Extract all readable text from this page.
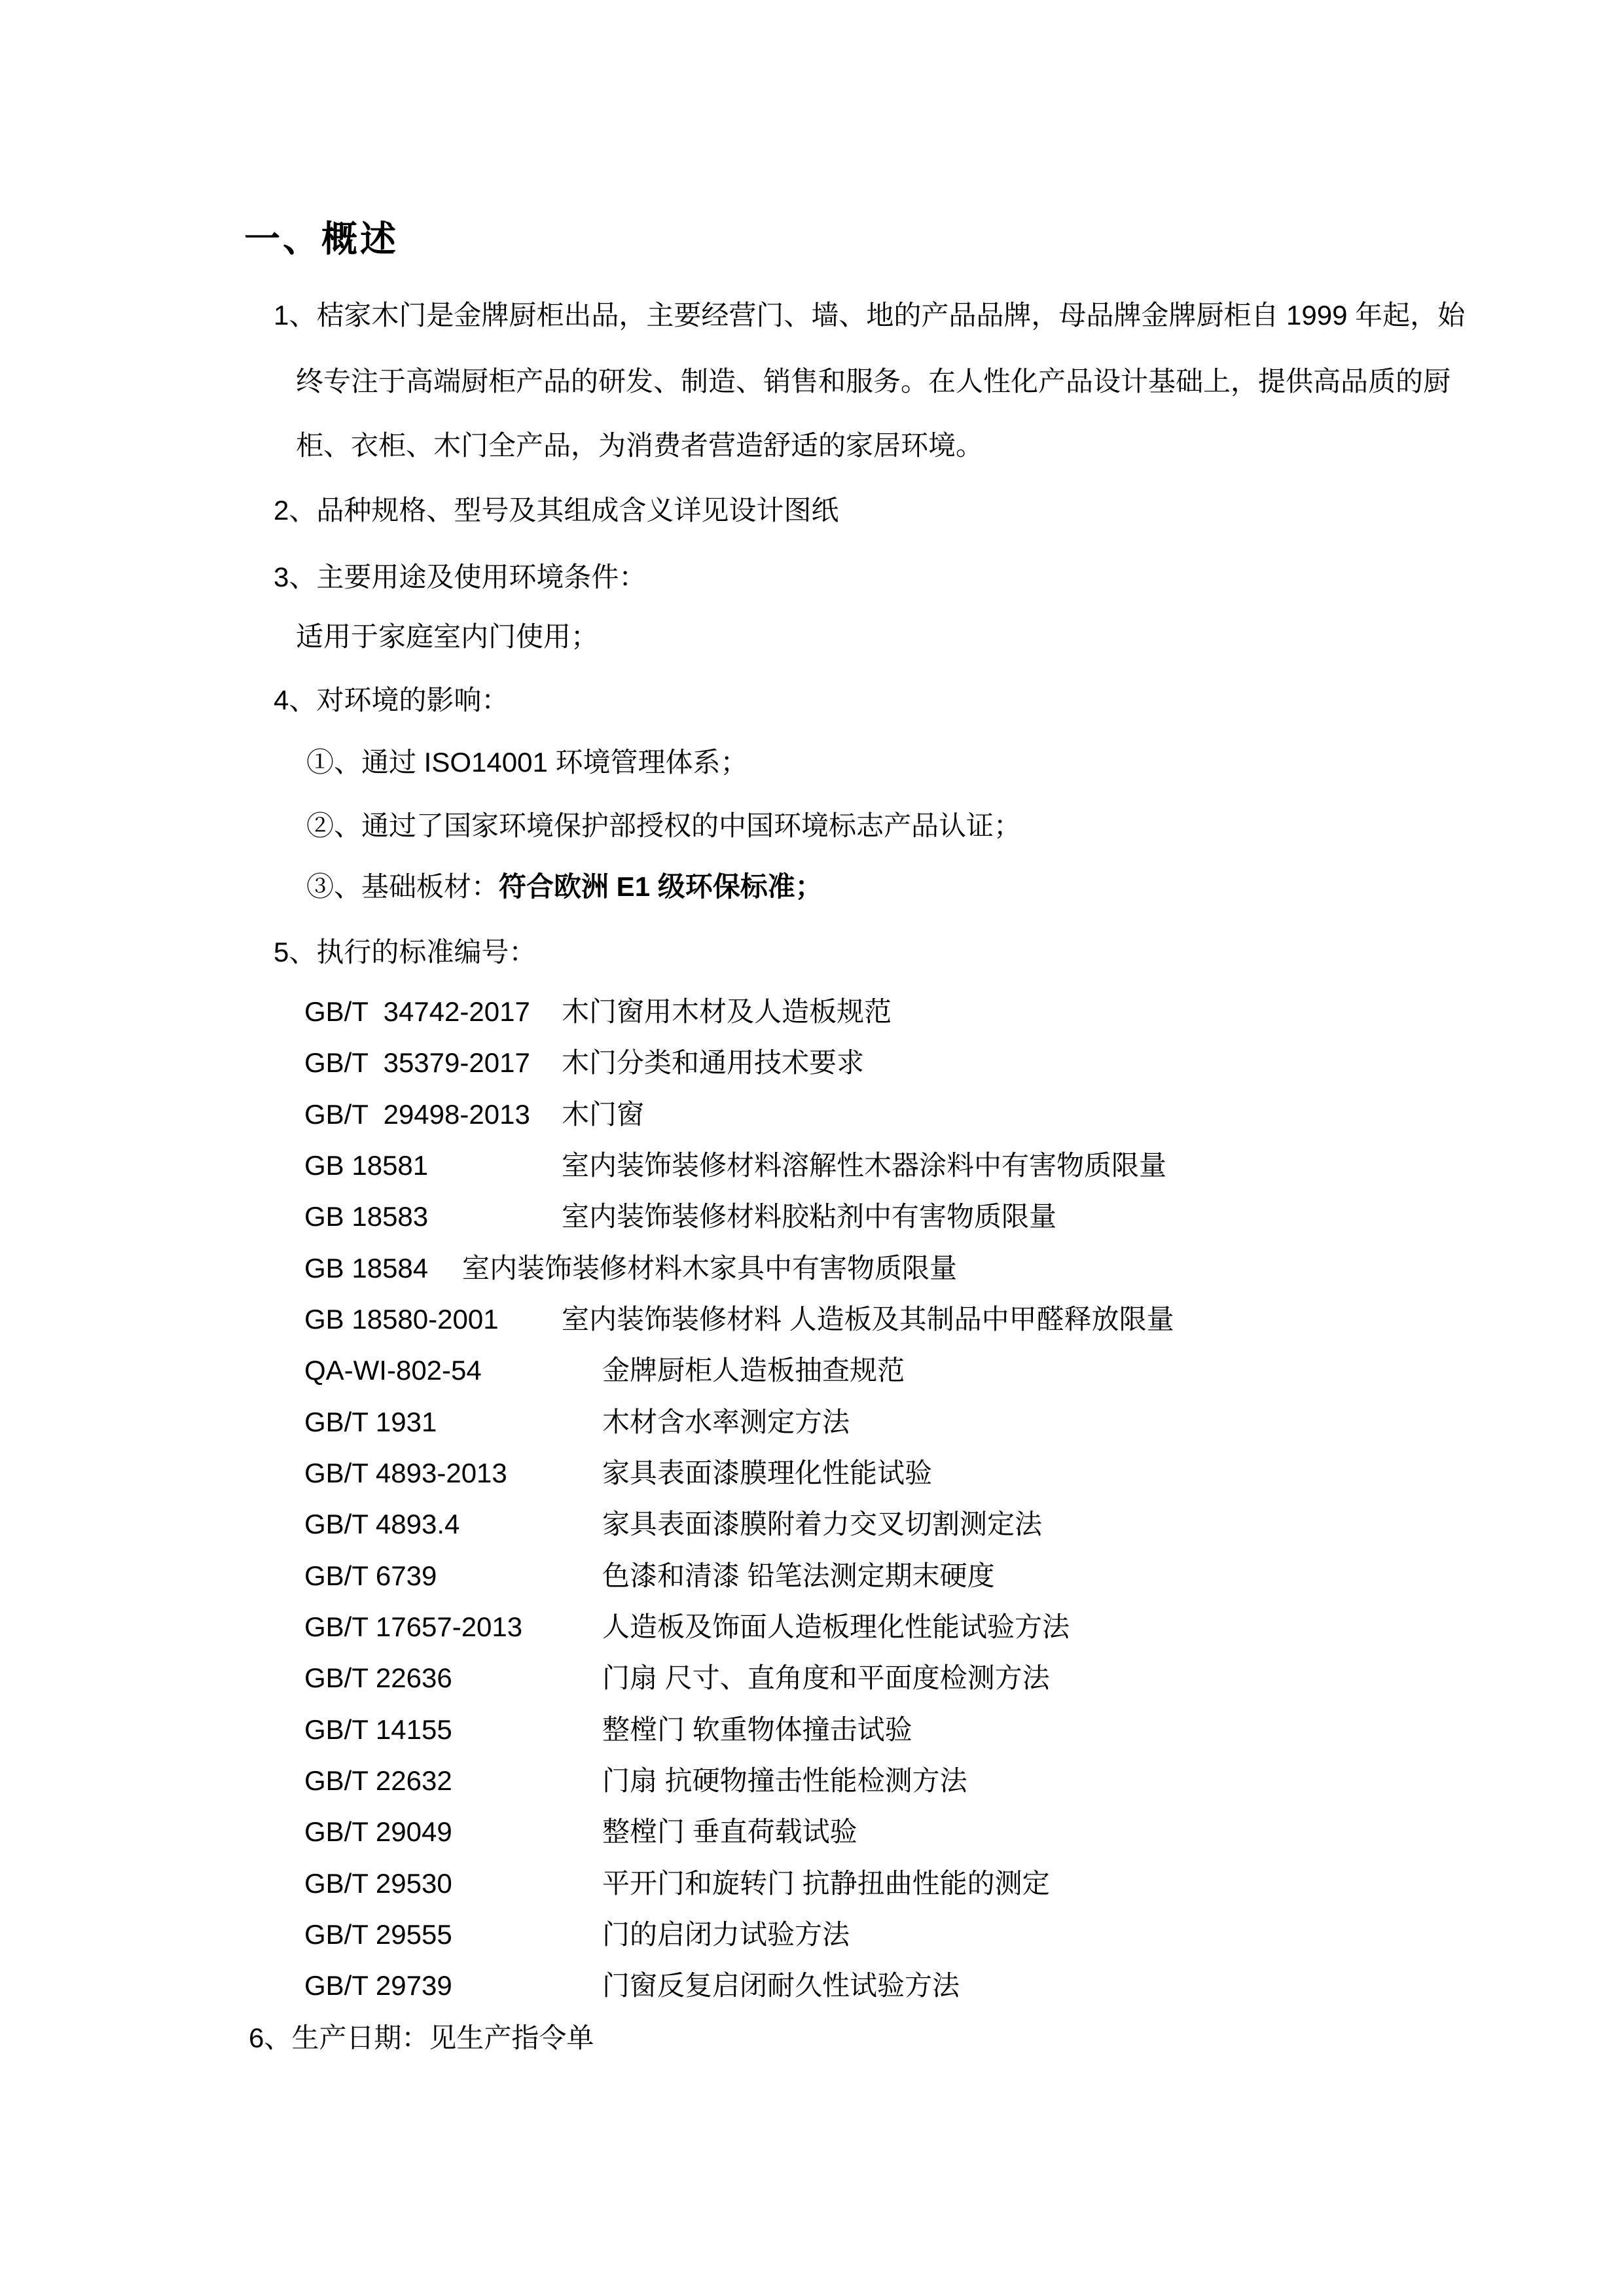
一、概述
1、桔家木门是金牌厨柜出品，主要经营门、墙、地的产品品牌，母品牌金牌厨柜自 1999 年起，始
终专注于高端厨柜产品的研发、制造、销售和服务。在人性化产品设计基础上，提供高品质的厨
柜、衣柜、木门全产品，为消费者营造舒适的家居环境。
2、品种规格、型号及其组成含义详见设计图纸
3、主要用途及使用环境条件：
适用于家庭室内门使用；
4、对环境的影响：
①、通过 ISO14001 环境管理体系；
②、通过了国家环境保护部授权的中国环境标志产品认证；
③、基础板材：符合欧洲 E1 级环保标准；
5、执行的标准编号：
GB/T  34742-2017	木门窗用木材及人造板规范
GB/T  35379-2017	木门分类和通用技术要求
GB/T  29498-2013	木门窗
GB 18581	室内装饰装修材料溶解性木器涂料中有害物质限量
GB 18583	室内装饰装修材料胶粘剂中有害物质限量
GB 18584	室内装饰装修材料木家具中有害物质限量
GB 18580-2001	室内装饰装修材料 人造板及其制品中甲醛释放限量
QA-WI-802-54	金牌厨柜人造板抽查规范
GB/T 1931	木材含水率测定方法
GB/T 4893-2013	家具表面漆膜理化性能试验
GB/T 4893.4	家具表面漆膜附着力交叉切割测定法
GB/T 6739	色漆和清漆 铅笔法测定期末硬度
GB/T 17657-2013	人造板及饰面人造板理化性能试验方法
GB/T 22636	门扇 尺寸、直角度和平面度检测方法
GB/T 14155	整樘门 软重物体撞击试验
GB/T 22632	门扇 抗硬物撞击性能检测方法
GB/T 29049	整樘门 垂直荷载试验
GB/T 29530	平开门和旋转门 抗静扭曲性能的测定
GB/T 29555	门的启闭力试验方法
GB/T 29739	门窗反复启闭耐久性试验方法
6、生产日期：见生产指令单
